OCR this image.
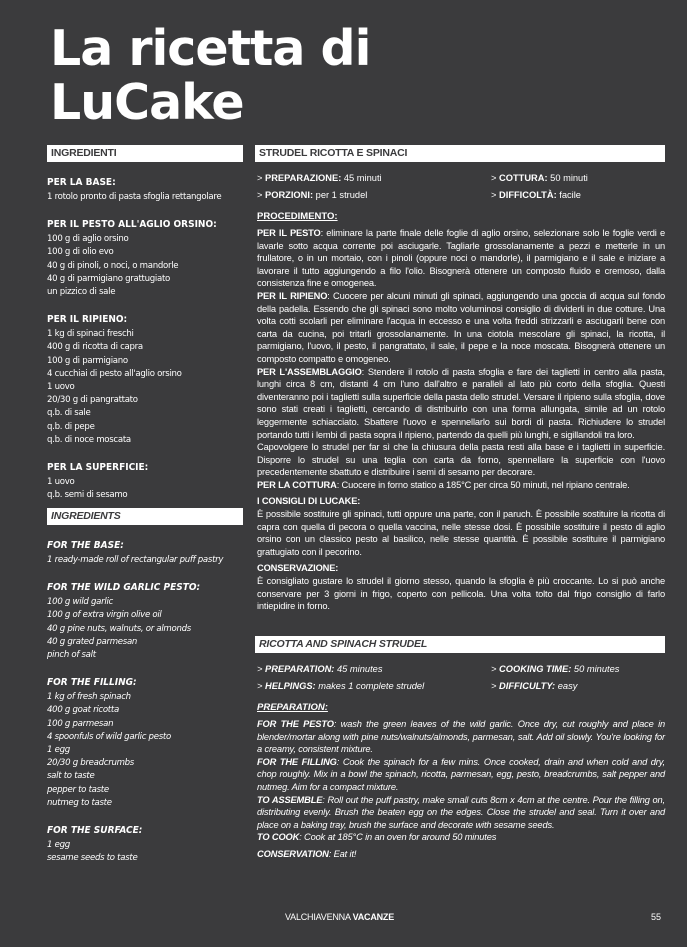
La ricetta di
LuCake
INGREDIENTI
PER LA BASE:
1 rotolo pronto di pasta sfoglia rettangolare
PER IL PESTO ALL'AGLIO ORSINO:
100 g di aglio orsino
100 g di olio evo
40 g di pinoli, o noci, o mandorle
40 g di parmigiano grattugiato
un pizzico di sale
PER IL RIPIENO:
1 kg di spinaci freschi
400 g di ricotta di capra
100 g di parmigiano
4 cucchiai di pesto all'aglio orsino
1 uovo
20/30 g di pangrattato
q.b. di sale
q.b. di pepe
q.b. di noce moscata
PER LA SUPERFICIE:
1 uovo
q.b. semi di sesamo
INGREDIENTS
FOR THE BASE:
1 ready-made roll of rectangular puff pastry
FOR THE WILD GARLIC PESTO:
100 g wild garlic
100 g of extra virgin olive oil
40 g pine nuts, walnuts, or almonds
40 g grated parmesan
pinch of salt
FOR THE FILLING:
1 kg of fresh spinach
400 g goat ricotta
100 g parmesan
4 spoonfuls of wild garlic pesto
1 egg
20/30 g breadcrumbs
salt to taste
pepper to taste
nutmeg to taste
FOR THE SURFACE:
1 egg
sesame seeds to taste
STRUDEL RICOTTA E SPINACI
> PREPARAZIONE: 45 minuti	> COTTURA: 50 minuti
> PORZIONI: per 1 strudel	> DIFFICOLTÀ: facile
PROCEDIMENTO:
PER IL PESTO: eliminare la parte finale delle foglie di aglio orsino, selezionare solo le foglie verdi e lavarle sotto acqua corrente poi asciugarle. Tagliarle grossolanamente a pezzi e metterle in un frullatore, o in un mortaio, con i pinoli (oppure noci o mandorle), il parmigiano e il sale e iniziare a lavorare il tutto aggiungendo a filo l'olio. Bisognerà ottenere un composto fluido e cremoso, dalla consistenza fine e omogenea.
PER IL RIPIENO: Cuocere per alcuni minuti gli spinaci, aggiungendo una goccia di acqua sul fondo della padella. Essendo che gli spinaci sono molto voluminosi consiglio di dividerli in due cotture. Una volta cotti scolarli per eliminare l'acqua in eccesso e una volta freddi strizzarli e asciugarli bene con carta da cucina, poi tritarli grossolanamente. In una ciotola mescolare gli spinaci, la ricotta, il parmigiano, l'uovo, il pesto, il pangrattato, il sale, il pepe e la noce moscata. Bisognerà ottenere un composto compatto e omogeneo.
PER L'ASSEMBLAGGIO: Stendere il rotolo di pasta sfoglia e fare dei taglietti in centro alla pasta, lunghi circa 8 cm, distanti 4 cm l'uno dall'altro e paralleli al lato più corto della sfoglia. Questi diventeranno poi i taglietti sulla superficie della pasta dello strudel. Versare il ripieno sulla sfoglia, dove sono stati creati i taglietti, cercando di distribuirlo con una forma allungata, simile ad un rotolo leggermente schiacciato. Sbattere l'uovo e spennellarlo sui bordi di pasta. Richiudere lo strudel portando tutti i lembi di pasta sopra il ripieno, partendo da quelli più lunghi, e sigillandoli tra loro.
Capovolgere lo strudel per far sì che la chiusura della pasta resti alla base e i taglietti in superficie. Disporre lo strudel su una teglia con carta da forno, spennellare la superficie con l'uovo precedentemente sbattuto e distribuire i semi di sesamo per decorare.
PER LA COTTURA: Cuocere in forno statico a 185°C per circa 50 minuti, nel ripiano centrale.
I CONSIGLI DI LUCAKE:
È possibile sostituire gli spinaci, tutti oppure una parte, con il paruch. È possibile sostituire la ricotta di capra con quella di pecora o quella vaccina, nelle stesse dosi. È possibile sostituire il pesto di aglio orsino con un classico pesto al basilico, nelle stesse quantità. È possibile sostituire il parmigiano grattugiato con il pecorino.
CONSERVAZIONE:
È consigliato gustare lo strudel il giorno stesso, quando la sfoglia è più croccante. Lo si può anche conservare per 3 giorni in frigo, coperto con pellicola. Una volta tolto dal frigo consiglio di farlo intiepidire in forno.
RICOTTA AND SPINACH STRUDEL
> PREPARATION: 45 minutes	> COOKING TIME: 50 minutes
> HELPINGS: makes 1 complete strudel	> DIFFICULTY: easy
PREPARATION:
FOR THE PESTO: wash the green leaves of the wild garlic. Once dry, cut roughly and place in blender/mortar along with pine nuts/walnuts/almonds, parmesan, salt. Add oil slowly. You're looking for a creamy, consistent mixture.
FOR THE FILLING: Cook the spinach for a few mins. Once cooked, drain and when cold and dry, chop roughly. Mix in a bowl the spinach, ricotta, parmesan, egg, pesto, breadcrumbs, salt pepper and nutmeg. Aim for a compact mixture.
TO ASSEMBLE: Roll out the puff pastry, make small cuts 8cm x 4cm at the centre. Pour the filling on, distributing evenly. Brush the beaten egg on the edges. Close the strudel and seal. Turn it over and place on a baking tray, brush the surface and decorate with sesame seeds.
TO COOK: Cook at 185°C in an oven for around 50 minutes
CONSERVATION: Eat it!
VALCHIAVENNA VACANZE	55
